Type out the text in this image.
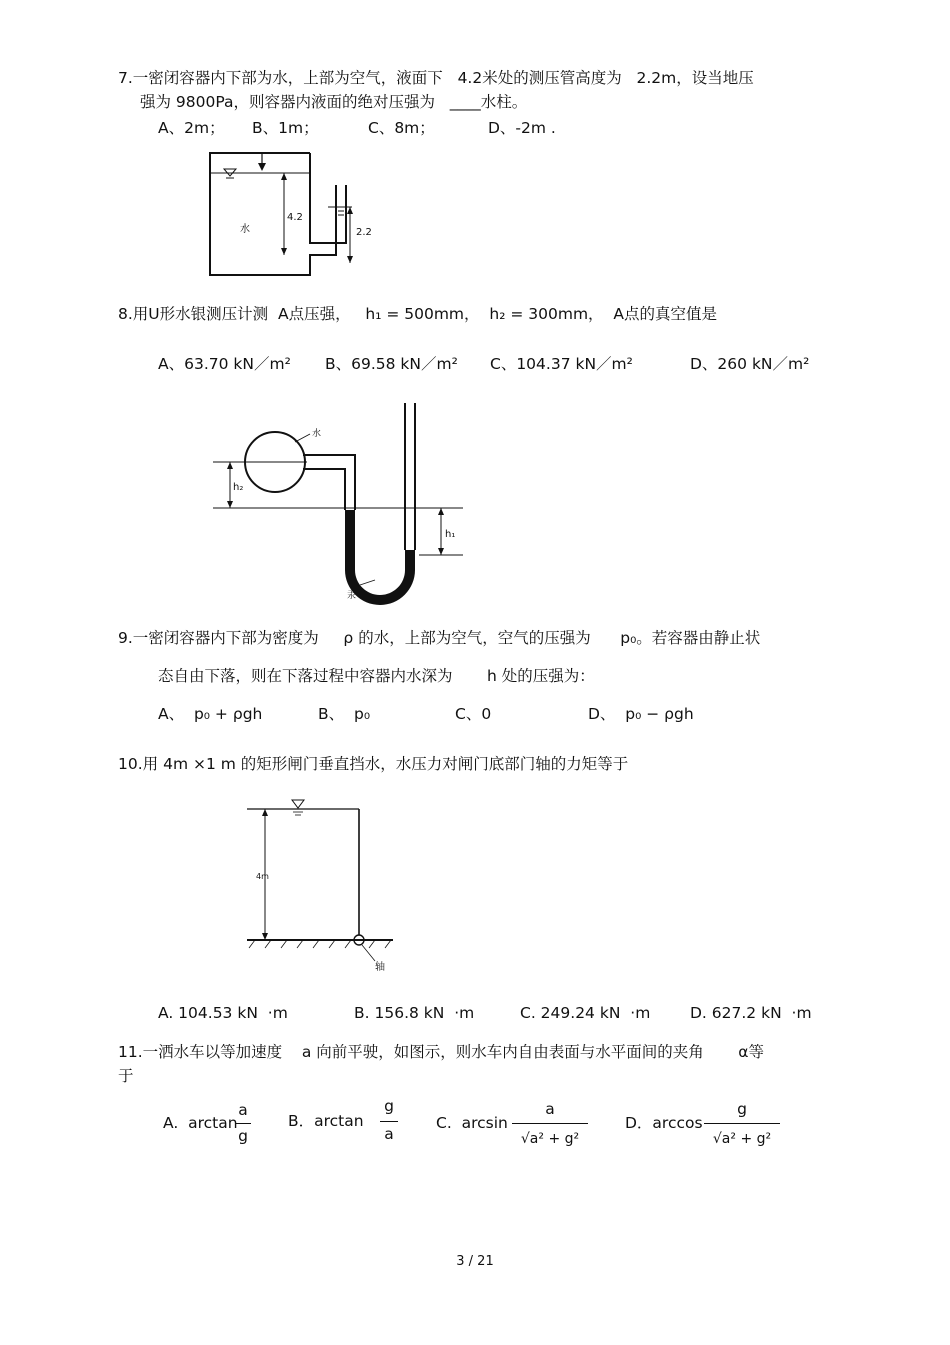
7.一密闭容器内下部为水，上部为空气，液面下   4.2米处的测压管高度为   2.2m，设当地压
强为 9800Pa，则容器内液面的绝对压强为   ____水柱。
A、2m； B、1m；	C、8m；	D、-2m .
水
4.2
2.2
8.用U形水银测压计测  A点压强，   h₁ = 500mm，  h₂ = 300mm，  A点的真空值是
A、63.70 kN／m² B、69.58 kN／m² C、104.37 kN／m²	D、260 kN／m²
水
h₂
h₁
汞
9.一密闭容器内下部为密度为     ρ 的水，上部为空气，空气的压强为      p₀。若容器由静止状
态自由下落，则在下落过程中容器内水深为       h 处的压强为：
A、  p₀ + ρgh	B、  p₀	C、0	D、  p₀ − ρgh
10.用 4m ×1 m 的矩形闸门垂直挡水，水压力对闸门底部门轴的力矩等于
4m
轴
A. 104.53 kN  ·m	B. 156.8 kN  ·m	C. 249.24 kN  ·m	D. 627.2 kN  ·m
11.一洒水车以等加速度    a 向前平驶，如图示，则水车内自由表面与水平面间的夹角       α等
于
A.  arctan
a
g
B．arctan
g
a
C.  arcsin
a
√a² + g²
D．arccos
g
√a² + g²
3 / 21
